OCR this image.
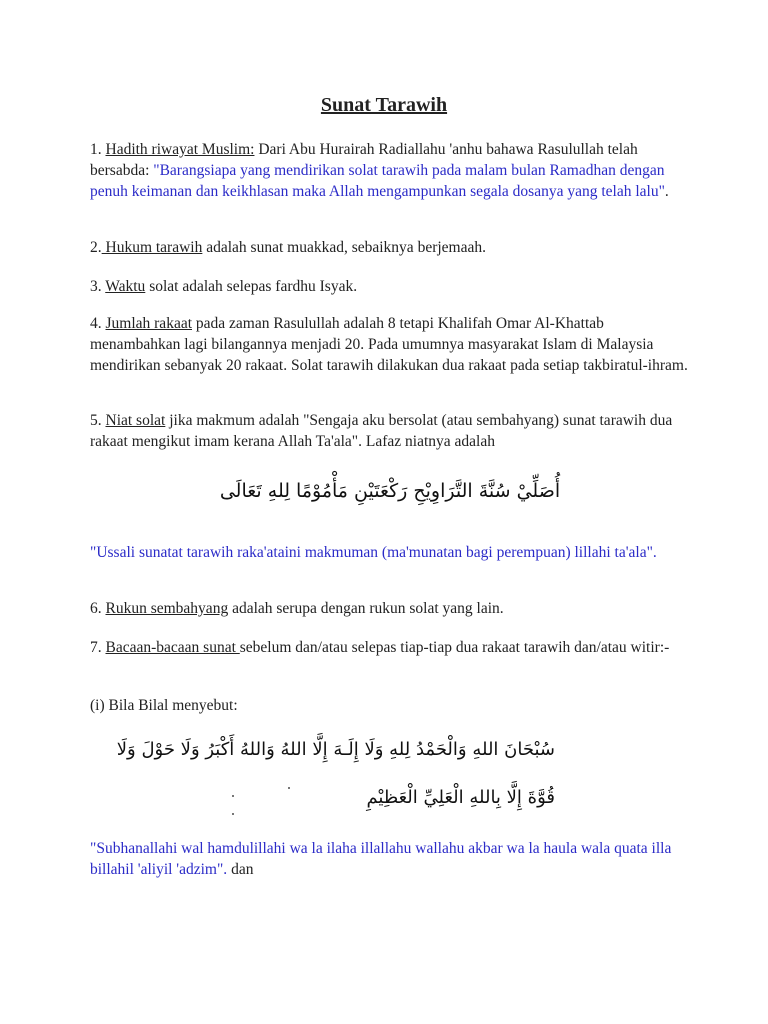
Sunat Tarawih

1. Hadith riwayat Muslim: Dari Abu Hurairah Radiallahu 'anhu bahawa Rasulullah telah bersabda: "Barangsiapa yang mendirikan solat tarawih pada malam bulan Ramadhan dengan penuh keimanan dan keikhlasan maka Allah mengampunkan segala dosanya yang telah lalu".

2. Hukum tarawih adalah sunat muakkad, sebaiknya berjemaah.

3. Waktu solat adalah selepas fardhu Isyak.

4. Jumlah rakaat pada zaman Rasulullah adalah 8 tetapi Khalifah Omar Al-Khattab menambahkan lagi bilangannya menjadi 20. Pada umumnya masyarakat Islam di Malaysia mendirikan sebanyak 20 rakaat. Solat tarawih dilakukan dua rakaat pada setiap takbiratul-ihram.

5. Niat solat jika makmum adalah "Sengaja aku bersolat (atau sembahyang) sunat tarawih dua rakaat mengikut imam kerana Allah Ta'ala". Lafaz niatnya adalah

أُصَلِّيْ سُنَّةَ التَّرَاوِيْحِ رَكْعَتَيْنِ مَأْمُوْمًا لِلهِ تَعَالَى

"Ussali sunatat tarawih raka'ataini makmuman (ma'munatan bagi perempuan) lillahi ta'ala".

6. Rukun sembahyang adalah serupa dengan rukun solat yang lain.

7. Bacaan-bacaan sunat sebelum dan/atau selepas tiap-tiap dua rakaat tarawih dan/atau witir:-

(i) Bila Bilal menyebut:

سُبْحَانَ اللهِ وَالْحَمْدُ لِلهِ وَلَا إِلَـهَ إِلَّا اللهُ وَاللهُ أَكْبَرُ وَلَا حَوْلَ وَلَا
قُوَّةَ إِلَّا بِاللهِ الْعَلِيِّ الْعَظِيْمِ

"Subhanallahi wal hamdulillahi wa la ilaha illallahu wallahu akbar wa la haula wala quata illa billahil 'aliyil 'adzim". dan
